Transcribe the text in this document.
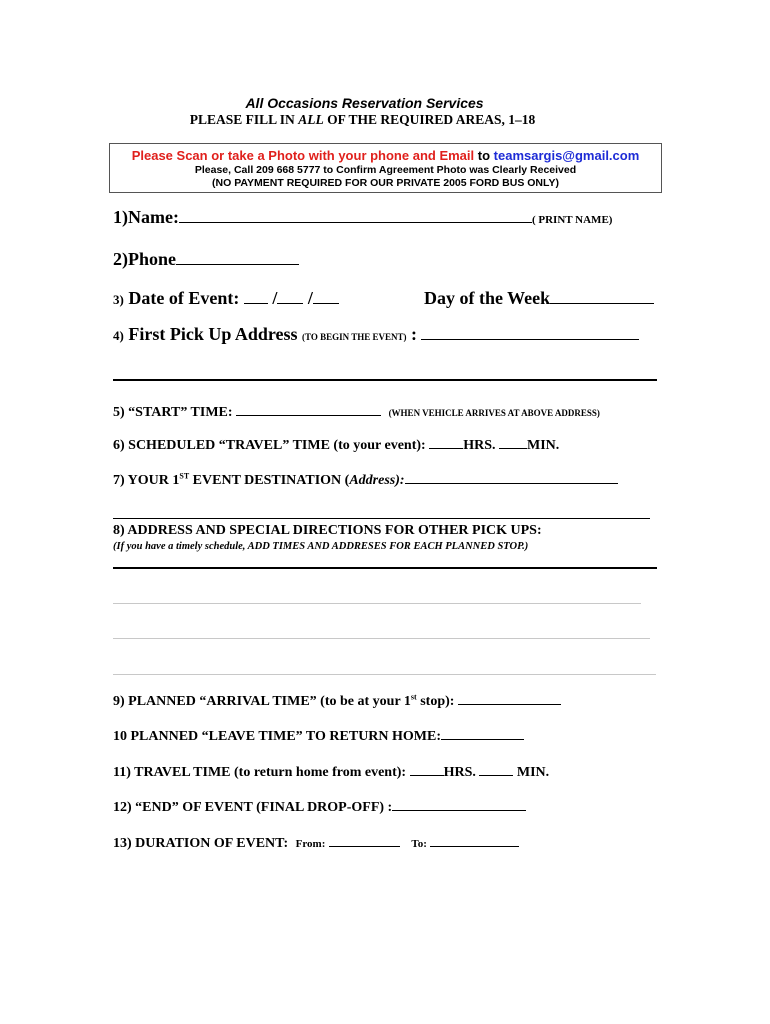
All Occasions Reservation Services
PLEASE FILL IN ALL OF THE REQUIRED AREAS, 1–18
Please Scan or take a Photo with your phone and Email to teamsargis@gmail.com
Please, Call 209 668 5777 to Confirm Agreement Photo was Clearly Received
(NO PAYMENT REQUIRED FOR OUR PRIVATE 2005 FORD BUS ONLY)
1)Name:	( PRINT NAME)
2)Phone
3) Date of Event: / /	Day of the Week
4) First Pick Up Address (TO BEGIN THE EVENT) :
5) “START” TIME:	(WHEN VEHICLE ARRIVES AT ABOVE ADDRESS)
6) SCHEDULED “TRAVEL” TIME (to your event):	HRS. MIN.
7) YOUR 1ST EVENT DESTINATION (Address):
8) ADDRESS AND SPECIAL DIRECTIONS FOR OTHER PICK UPS:
(If you have a timely schedule, ADD TIMES AND ADDRESES FOR EACH PLANNED STOP.)
9) PLANNED “ARRIVAL TIME” (to be at your 1st stop):
10 PLANNED “LEAVE TIME” TO RETURN HOME:
11) TRAVEL TIME (to return home from event):	HRS.	MIN.
12) “END” OF EVENT (FINAL DROP-OFF) :
13) DURATION OF EVENT: From:	To:
